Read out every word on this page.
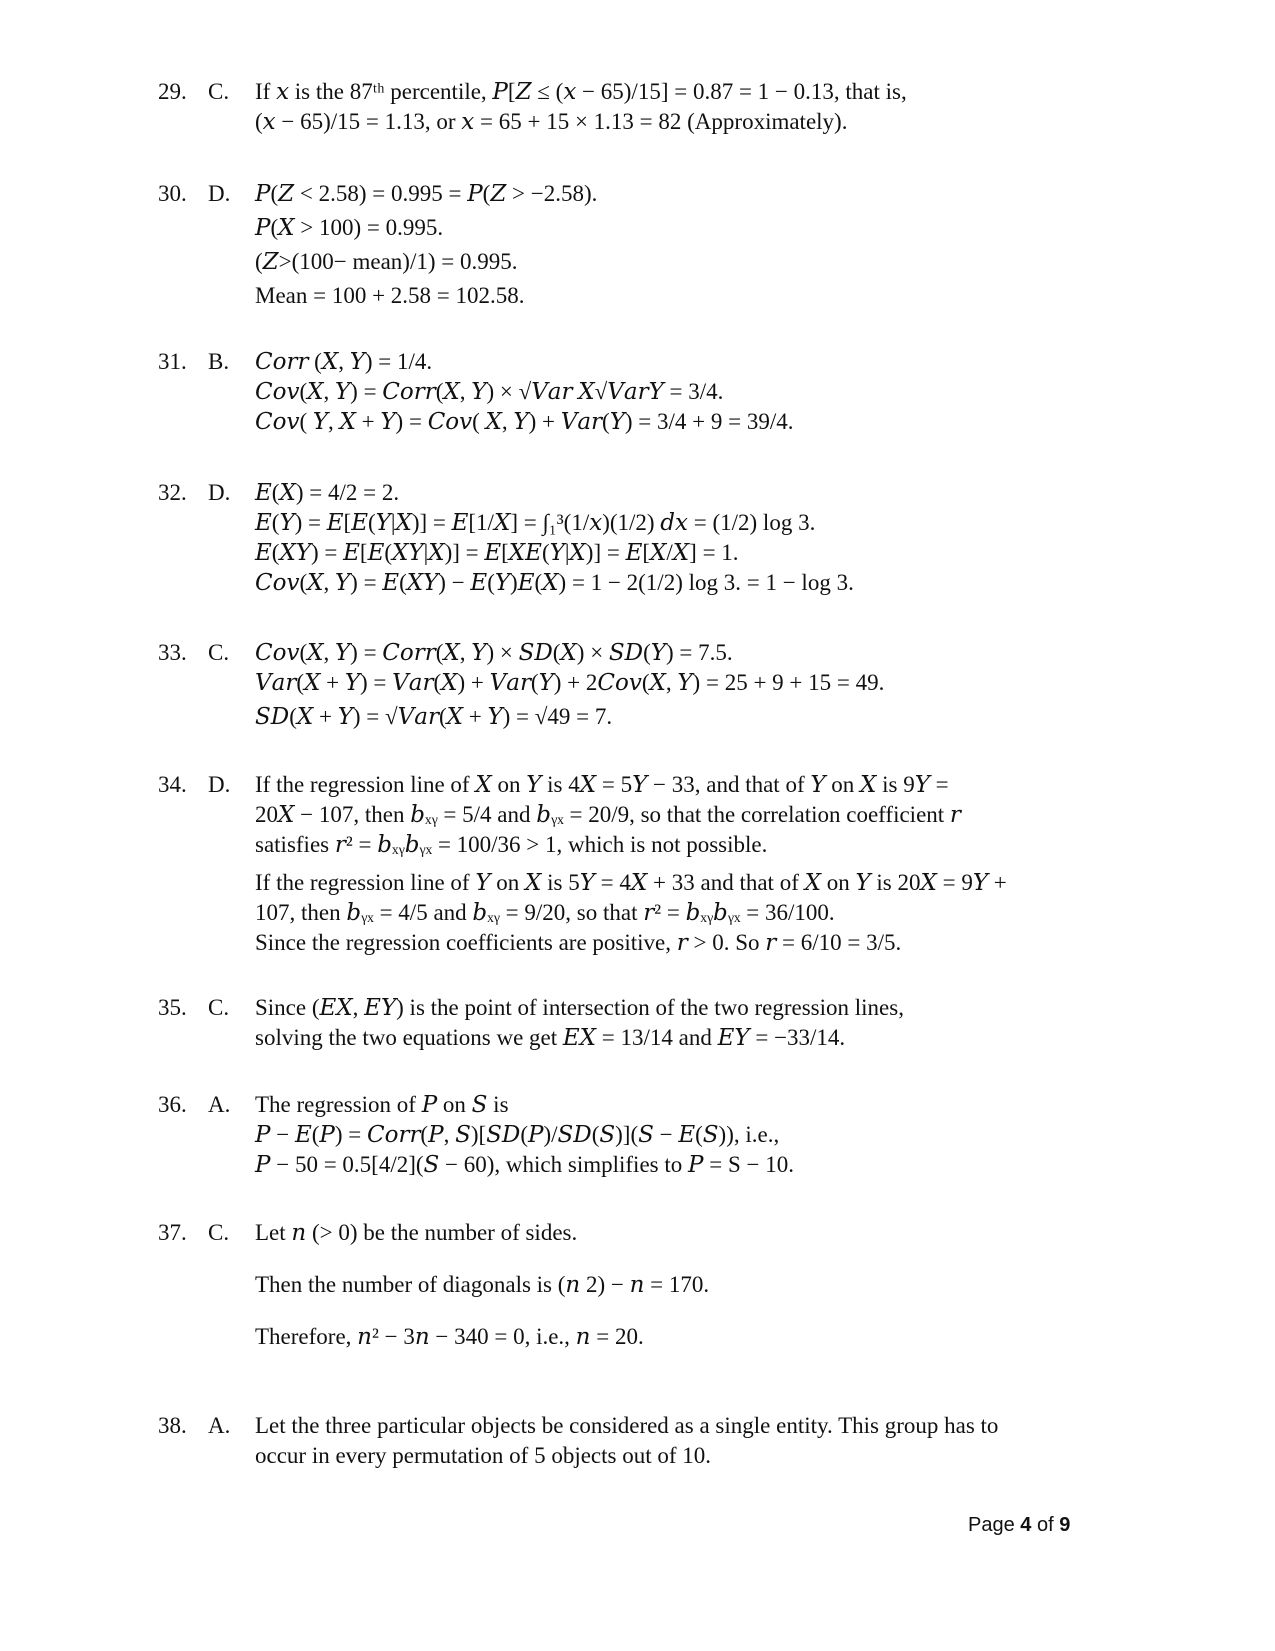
29. C.	If 𝑥 is the 87ᵗʰ percentile, 𝑃[𝑍 ≤ (𝑥 − 65)/15] = 0.87 = 1 − 0.13, that is,
(𝑥 − 65)/15 = 1.13, or 𝑥 = 65 + 15 × 1.13 = 82 (Approximately).
30. D.	𝑃(𝑍 < 2.58) = 0.995 = 𝑃(𝑍 > −2.58).
𝑃(𝑋 > 100) = 0.995.
(𝑍>(100− mean)/1) = 0.995.
Mean = 100 + 2.58 = 102.58.
31. B.	𝐶𝑜𝑟𝑟 (𝑋, 𝑌) = 1/4.
𝐶𝑜𝑣(𝑋, 𝑌) = 𝐶𝑜𝑟𝑟(𝑋, 𝑌) × √𝑉𝑎𝑟 𝑋√𝑉𝑎𝑟𝑌 = 3/4.
𝐶𝑜𝑣( 𝑌, 𝑋 + 𝑌) = 𝐶𝑜𝑣( 𝑋, 𝑌) + 𝑉𝑎𝑟(𝑌) = 3/4 + 9 = 39/4.
32. D.	𝐸(𝑋) = 4/2 = 2.
𝐸(𝑌) = 𝐸[𝐸(𝑌|𝑋)] = 𝐸[1/𝑋] = ∫₁³(1/𝑥)(1/2) 𝑑𝑥 = (1/2) log 3.
𝐸(𝑋𝑌) = 𝐸[𝐸(𝑋𝑌|𝑋)] = 𝐸[𝑋𝐸(𝑌|𝑋)] = 𝐸[𝑋/𝑋] = 1.
𝐶𝑜𝑣(𝑋, 𝑌) = 𝐸(𝑋𝑌) − 𝐸(𝑌)𝐸(𝑋) = 1 − 2(1/2) log 3. = 1 − log 3.
33. C.	𝐶𝑜𝑣(𝑋, 𝑌) = 𝐶𝑜𝑟𝑟(𝑋, 𝑌) × 𝑆𝐷(𝑋) × 𝑆𝐷(𝑌) = 7.5.
𝑉𝑎𝑟(𝑋 + 𝑌) = 𝑉𝑎𝑟(𝑋) + 𝑉𝑎𝑟(𝑌) + 2𝐶𝑜𝑣(𝑋, 𝑌) = 25 + 9 + 15 = 49.
𝑆𝐷(𝑋 + 𝑌) = √𝑉𝑎𝑟(𝑋 + 𝑌) = √49 = 7.
34. D.	If the regression line of 𝑋 on 𝑌 is 4𝑋 = 5𝑌 − 33, and that of 𝑌 on 𝑋 is 9𝑌 =
20𝑋 − 107, then 𝑏ₓᵧ = 5/4 and 𝑏ᵧₓ = 20/9, so that the correlation coefficient 𝑟
satisfies 𝑟² = 𝑏ₓᵧ𝑏ᵧₓ = 100/36 > 1, which is not possible.
If the regression line of 𝑌 on 𝑋 is 5𝑌 = 4𝑋 + 33 and that of 𝑋 on 𝑌 is 20𝑋 = 9𝑌 +
107, then 𝑏ᵧₓ = 4/5 and 𝑏ₓᵧ = 9/20, so that 𝑟² = 𝑏ₓᵧ𝑏ᵧₓ = 36/100.
Since the regression coefficients are positive, 𝑟 > 0. So 𝑟 = 6/10 = 3/5.
35. C.	Since (𝐸𝑋, 𝐸𝑌) is the point of intersection of the two regression lines,
solving the two equations we get 𝐸𝑋 = 13/14 and 𝐸𝑌 = −33/14.
36. A.	The regression of 𝑃 on 𝑆 is
𝑃 − 𝐸(𝑃) = 𝐶𝑜𝑟𝑟(𝑃, 𝑆)[𝑆𝐷(𝑃)/𝑆𝐷(𝑆)](𝑆 − 𝐸(𝑆)), i.e.,
𝑃 − 50 = 0.5[4/2](𝑆 − 60), which simplifies to 𝑃 = S − 10.
37. C.	Let 𝑛 (> 0) be the number of sides.
Then the number of diagonals is (𝑛 2) − 𝑛 = 170.
Therefore, 𝑛² − 3𝑛 − 340 = 0, i.e., 𝑛 = 20.
38. A.	Let the three particular objects be considered as a single entity. This group has to
occur in every permutation of 5 objects out of 10.
Page 4 of 9
